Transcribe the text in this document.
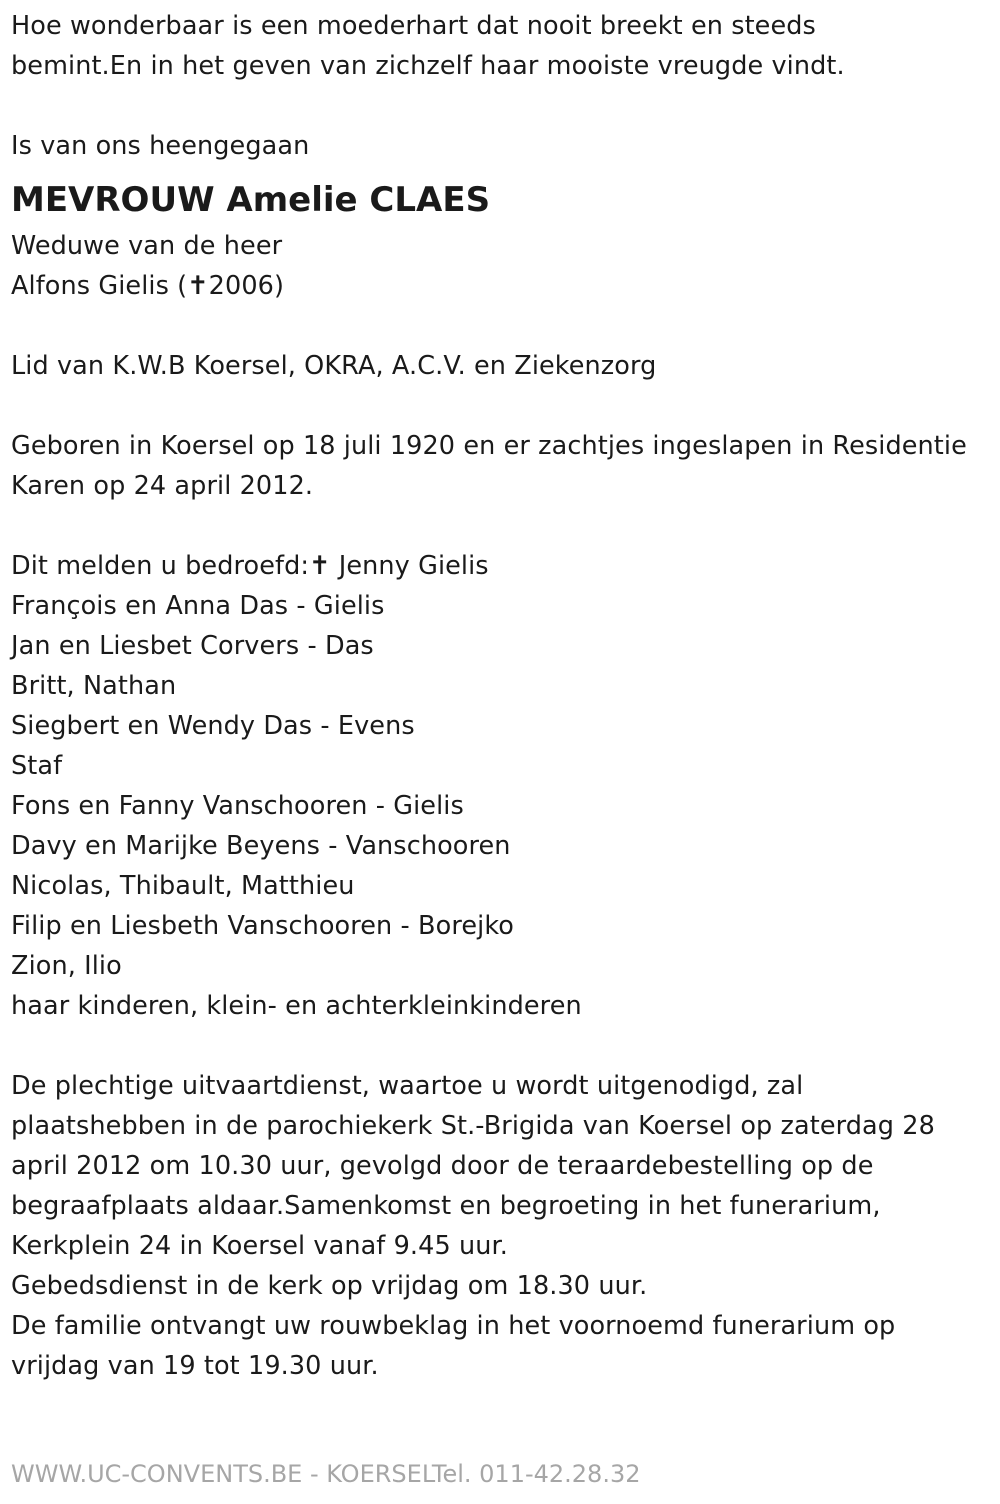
Hoe wonderbaar is een moederhart dat nooit breekt en steeds
bemint.En in het geven van zichzelf haar mooiste vreugde vindt.
Is van ons heengegaan
MEVROUW Amelie CLAES
Weduwe van de heer
Alfons Gielis (✝2006)
Lid van K.W.B Koersel, OKRA, A.C.V. en Ziekenzorg
Geboren in Koersel op 18 juli 1920 en er zachtjes ingeslapen in Residentie
Karen op 24 april 2012.
Dit melden u bedroefd:✝ Jenny Gielis
François en Anna Das - Gielis
Jan en Liesbet Corvers - Das
Britt, Nathan
Siegbert en Wendy Das - Evens
Staf
Fons en Fanny Vanschooren - Gielis
Davy en Marijke Beyens - Vanschooren
Nicolas, Thibault, Matthieu
Filip en Liesbeth Vanschooren - Borejko
Zion, Ilio
haar kinderen, klein- en achterkleinkinderen
De plechtige uitvaartdienst, waartoe u wordt uitgenodigd, zal
plaatshebben in de parochiekerk St.-Brigida van Koersel op zaterdag 28
april 2012 om 10.30 uur, gevolgd door de teraardebestelling op de
begraafplaats aldaar.Samenkomst en begroeting in het funerarium,
Kerkplein 24 in Koersel vanaf 9.45 uur.
Gebedsdienst in de kerk op vrijdag om 18.30 uur.
De familie ontvangt uw rouwbeklag in het voornoemd funerarium op
vrijdag van 19 tot 19.30 uur.
WWW.UC-CONVENTS.BE - KOERSELTel. 011-42.28.32
